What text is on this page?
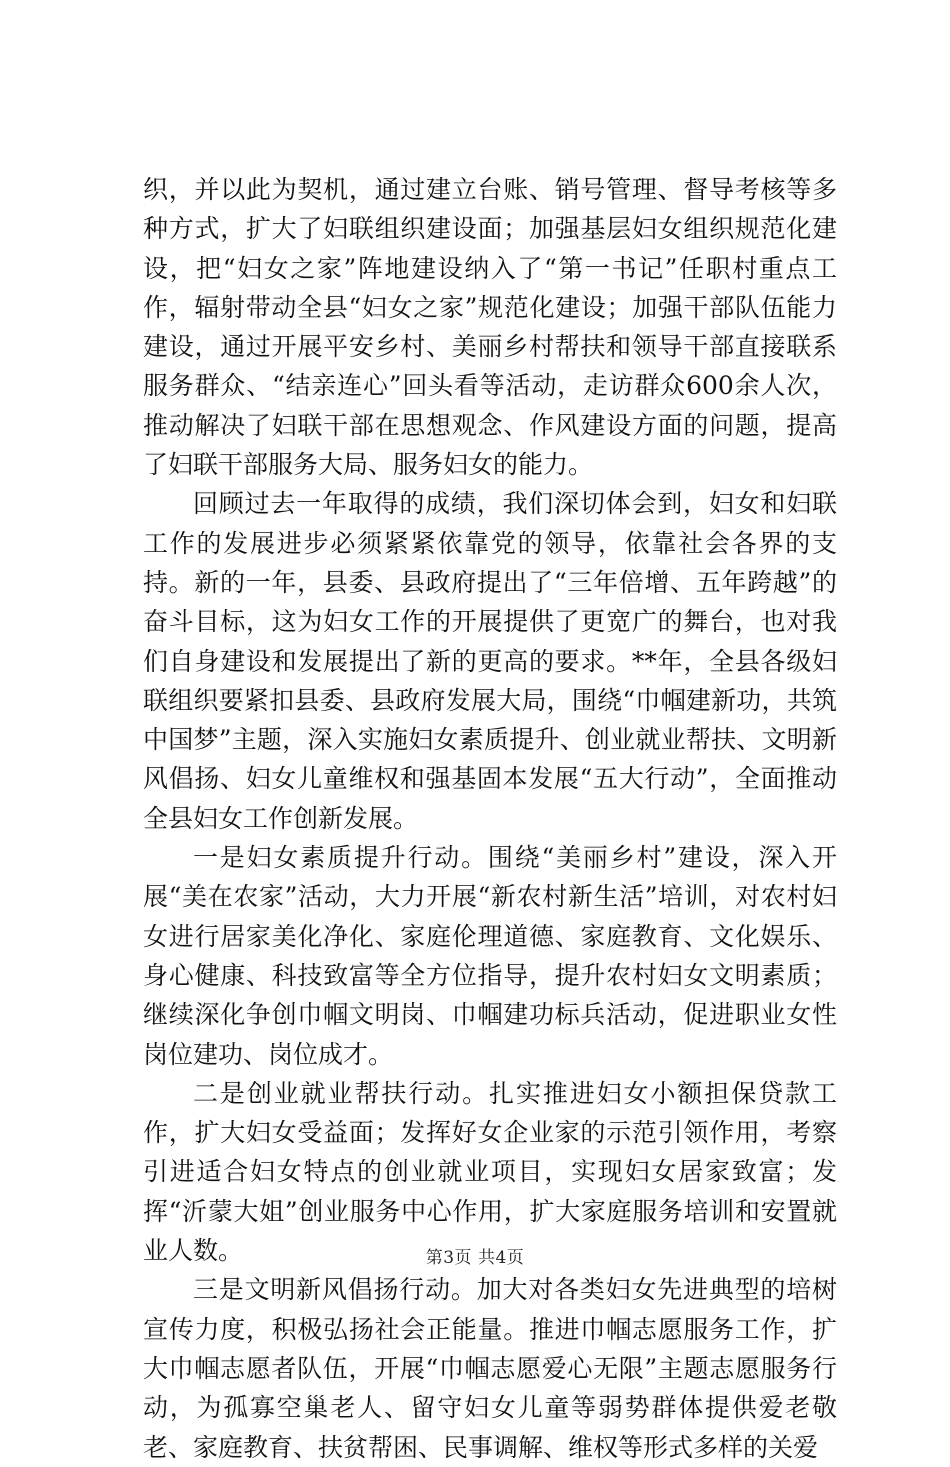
织，并以此为契机，通过建立台账、销号管理、督导考核等多种方式，扩大了妇联组织建设面；加强基层妇女组织规范化建设，把“妇女之家”阵地建设纳入了“第一书记”任职村重点工作，辐射带动全县“妇女之家”规范化建设；加强干部队伍能力建设，通过开展平安乡村、美丽乡村帮扶和领导干部直接联系服务群众、“结亲连心”回头看等活动，走访群众600余人次，推动解决了妇联干部在思想观念、作风建设方面的问题，提高了妇联干部服务大局、服务妇女的能力。

回顾过去一年取得的成绩，我们深切体会到，妇女和妇联工作的发展进步必须紧紧依靠党的领导，依靠社会各界的支持。新的一年，县委、县政府提出了“三年倍增、五年跨越”的奋斗目标，这为妇女工作的开展提供了更宽广的舞台，也对我们自身建设和发展提出了新的更高的要求。**年，全县各级妇联组织要紧扣县委、县政府发展大局，围绕“巾帼建新功，共筑中国梦”主题，深入实施妇女素质提升、创业就业帮扶、文明新风倡扬、妇女儿童维权和强基固本发展“五大行动”，全面推动全县妇女工作创新发展。

一是妇女素质提升行动。围绕“美丽乡村”建设，深入开展“美在农家”活动，大力开展“新农村新生活”培训，对农村妇女进行居家美化净化、家庭伦理道德、家庭教育、文化娱乐、身心健康、科技致富等全方位指导，提升农村妇女文明素质；继续深化争创巾帼文明岗、巾帼建功标兵活动，促进职业女性岗位建功、岗位成才。

二是创业就业帮扶行动。扎实推进妇女小额担保贷款工作，扩大妇女受益面；发挥好女企业家的示范引领作用，考察引进适合妇女特点的创业就业项目，实现妇女居家致富；发挥“沂蒙大姐”创业服务中心作用，扩大家庭服务培训和安置就业人数。

三是文明新风倡扬行动。加大对各类妇女先进典型的培树宣传力度，积极弘扬社会正能量。推进巾帼志愿服务工作，扩大巾帼志愿者队伍，开展“巾帼志愿爱心无限”主题志愿服务行动，为孤寡空巢老人、留守妇女儿童等弱势群体提供爱老敬老、家庭教育、扶贫帮困、民事调解、维权等形式多样的关爱

第3页 共4页
